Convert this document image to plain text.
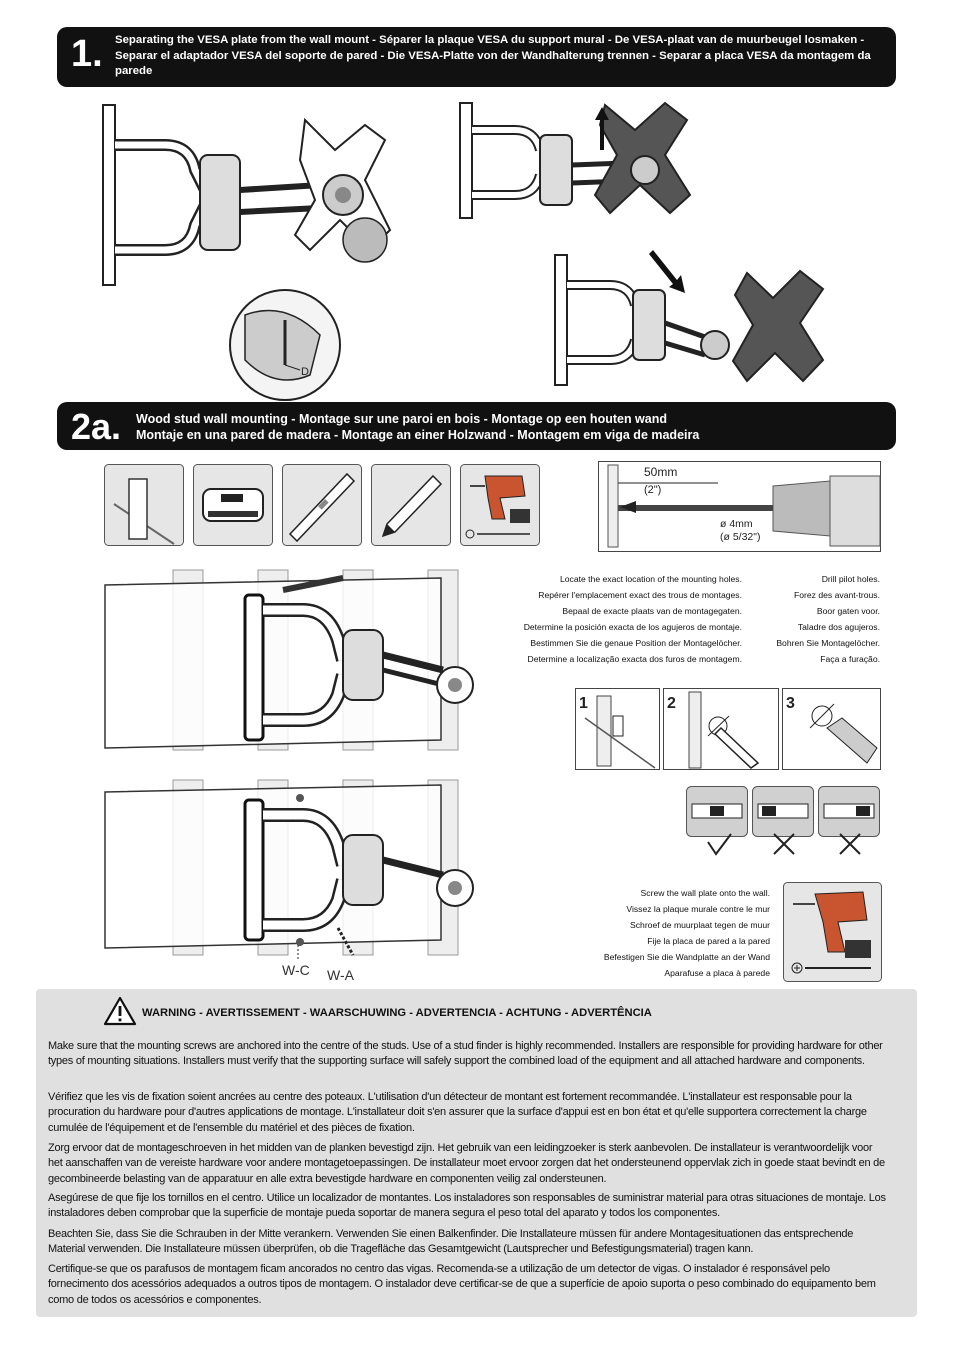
1. Separating the VESA plate from the wall mount - Séparer la plaque VESA du support mural - De VESA-plaat van de muurbeugel losmaken - Separar el adaptador VESA del soporte de pared - Die VESA-Platte von der Wandhalterung trennen - Separar a placa VESA da montagem da parede
D
2a. Wood stud wall mounting - Montage sur une paroi en bois - Montage op een houten wand
Montaje en una pared de madera - Montage an einer Holzwand - Montagem em viga de madeira
50mm
(2")
ø 4mm
(ø 5/32")

Locate the exact location of the mounting holes.

Repérer l'emplacement exact des trous de montages.

Bepaal de exacte plaats van de montagegaten.

Determine la posición exacta de los agujeros de montaje.

Bestimmen Sie die genaue Position der Montagelöcher.

Determine a localização exacta dos furos de montagem.

Drill pilot holes.

Forez des avant-trous.

Boor gaten voor.

Taladre dos agujeros.

Bohren Sie Montagelöcher.

Faça a furação.

1	2	3
W-C W-A

Screw the wall plate onto the wall.

Vissez la plaque murale contre le mur

Schroef de muurplaat tegen de muur

Fije la placa de pared a la pared

Befestigen Sie die Wandplatte an der Wand

Aparafuse a placa à parede

WARNING - AVERTISSEMENT - WAARSCHUWING - ADVERTENCIA - ACHTUNG - ADVERTÊNCIA

Make sure that the mounting screws are anchored into the centre of the studs. Use of a stud finder is highly recommended. Installers are responsible for providing hardware for other types of mounting situations. Installers must verify that the supporting surface will safely support the combined load of the equipment and all attached hardware and components.

Vérifiez que les vis de fixation soient ancrées au centre des poteaux. L'utilisation d'un détecteur de montant est fortement recommandée. L'installateur est responsable pour la procuration du hardware pour d'autres applications de montage. L'installateur doit s'en assurer que la surface d'appui est en bon état et qu'elle supportera correctement la charge cumulée de l'équipement et de l'ensemble du matériel et des pièces de fixation.

Zorg ervoor dat de montageschroeven in het midden van de planken bevestigd zijn. Het gebruik van een leidingzoeker is sterk aanbevolen. De installateur is verantwoordelijk voor het aanschaffen van de vereiste hardware voor andere montagetoepassingen. De installateur moet ervoor zorgen dat het ondersteunend oppervlak zich in goede staat bevindt en de gecombineerde belasting van de apparatuur en alle extra bevestigde hardware en componenten veilig zal ondersteunen.

Asegúrese de que fije los tornillos en el centro. Utilice un localizador de montantes. Los instaladores son responsables de suministrar material para otras situaciones de montaje. Los instaladores deben comprobar que la superficie de montaje pueda soportar de manera segura el peso total del aparato y todos los componentes.

Beachten Sie, dass Sie die Schrauben in der Mitte verankern. Verwenden Sie einen Balkenfinder. Die Installateure müssen für andere Montagesituationen das entsprechende Material verwenden. Die Installateure müssen überprüfen, ob die Tragefläche das Gesamtgewicht (Lautsprecher und Befestigungsmaterial) tragen kann.

Certifique-se que os parafusos de montagem ficam ancorados no centro das vigas. Recomenda-se a utilização de um detector de vigas. O instalador é responsável pelo fornecimento dos acessórios adequados a outros tipos de montagem. O instalador deve certificar-se de que a superfície de apoio suporta o peso combinado do equipamento bem como de todos os acessórios e componentes.
